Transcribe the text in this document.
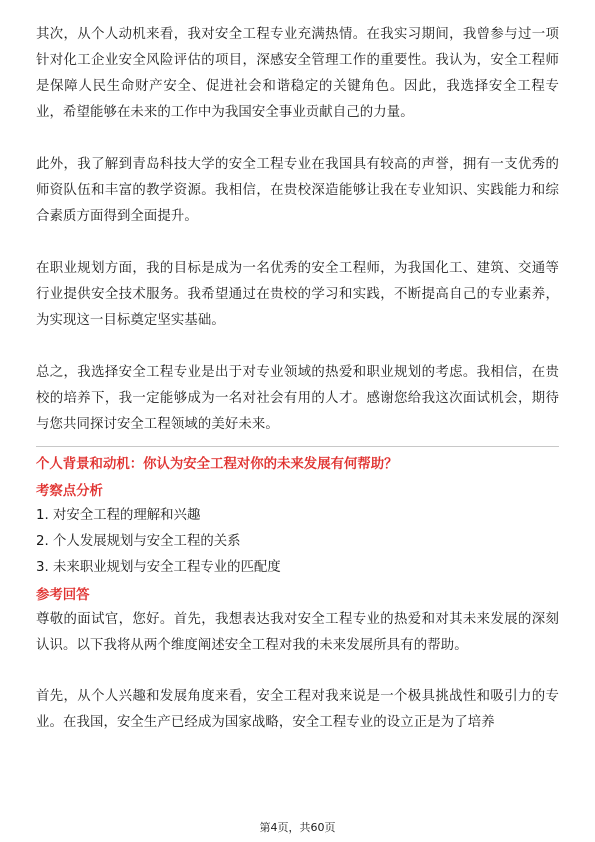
其次，从个人动机来看，我对安全工程专业充满热情。在我实习期间，我曾参与过一项针对化工企业安全风险评估的项目，深感安全管理工作的重要性。我认为，安全工程师是保障人民生命财产安全、促进社会和谐稳定的关键角色。因此，我选择安全工程专业，希望能够在未来的工作中为我国安全事业贡献自己的力量。

此外，我了解到青岛科技大学的安全工程专业在我国具有较高的声誉，拥有一支优秀的师资队伍和丰富的教学资源。我相信，在贵校深造能够让我在专业知识、实践能力和综合素质方面得到全面提升。

在职业规划方面，我的目标是成为一名优秀的安全工程师，为我国化工、建筑、交通等行业提供安全技术服务。我希望通过在贵校的学习和实践，不断提高自己的专业素养，为实现这一目标奠定坚实基础。

总之，我选择安全工程专业是出于对专业领域的热爱和职业规划的考虑。我相信，在贵校的培养下，我一定能够成为一名对社会有用的人才。感谢您给我这次面试机会，期待与您共同探讨安全工程领域的美好未来。

个人背景和动机：你认为安全工程对你的未来发展有何帮助？

考察点分析

1. 对安全工程的理解和兴趣
2. 个人发展规划与安全工程的关系
3. 未来职业规划与安全工程专业的匹配度

参考回答

尊敬的面试官，您好。首先，我想表达我对安全工程专业的热爱和对其未来发展的深刻认识。以下我将从两个维度阐述安全工程对我的未来发展所具有的帮助。

首先，从个人兴趣和发展角度来看，安全工程对我来说是一个极具挑战性和吸引力的专业。在我国，安全生产已经成为国家战略，安全工程专业的设立正是为了培养

第4页，共60页
